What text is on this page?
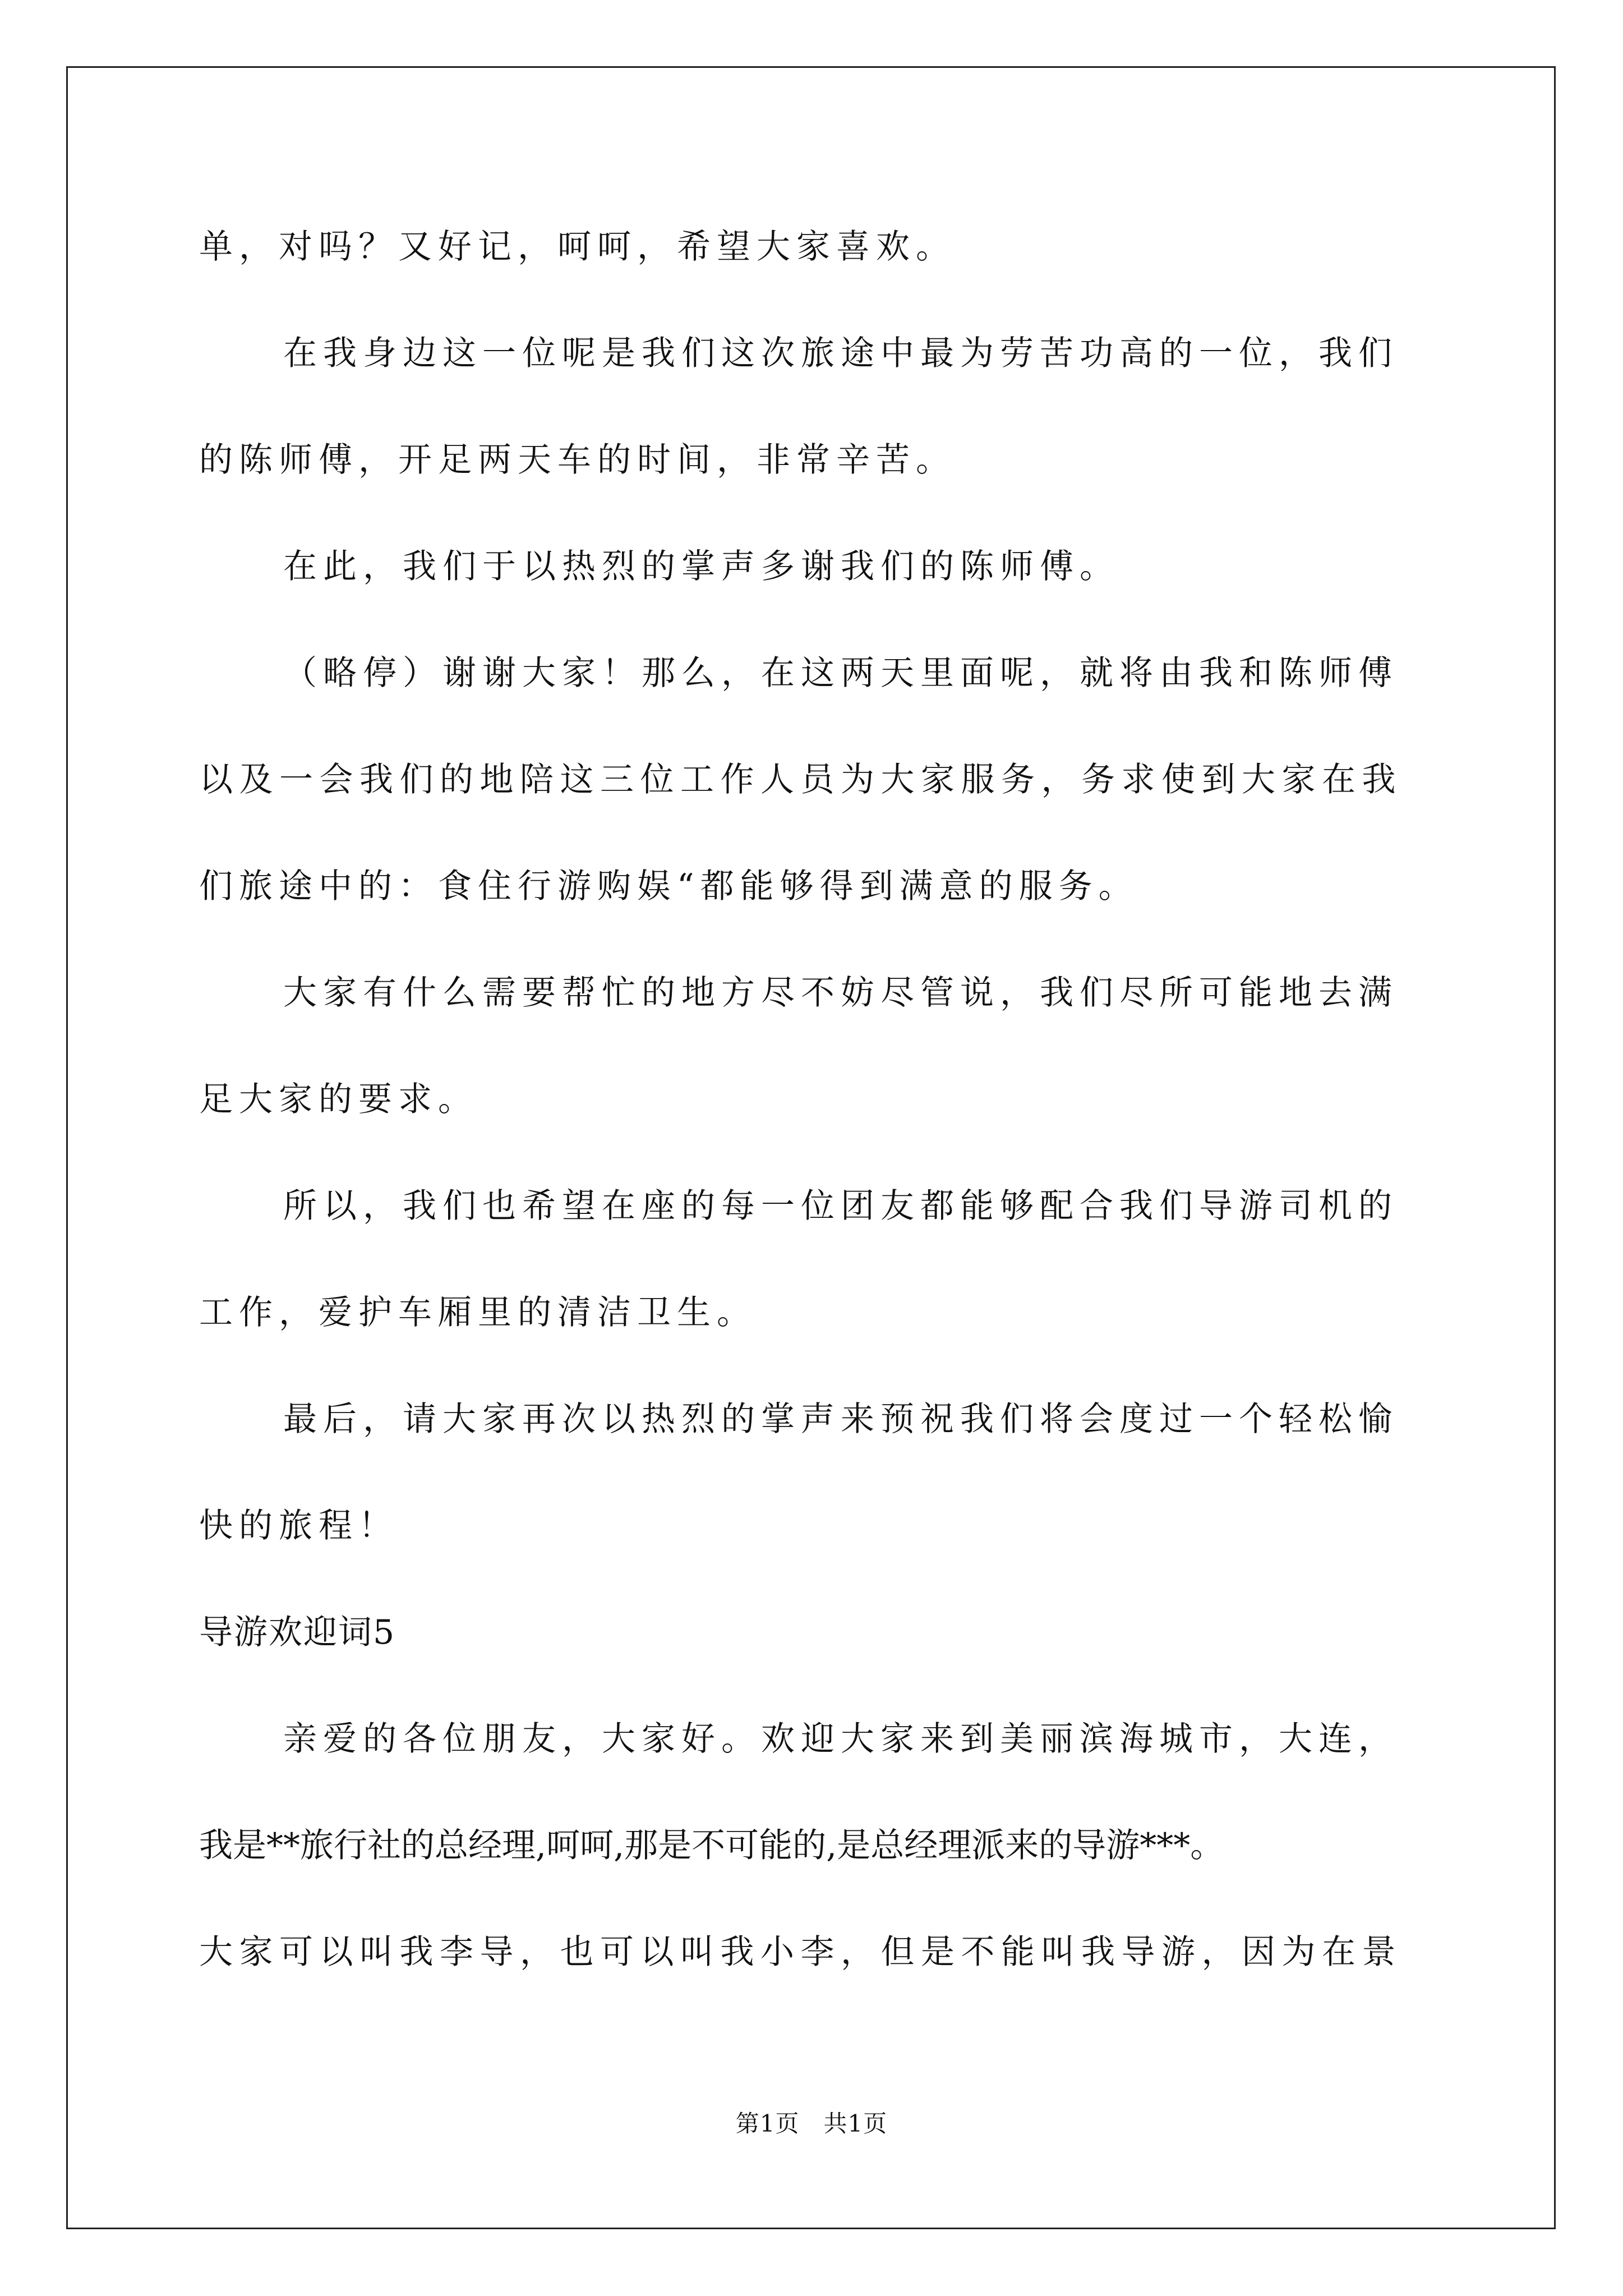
单，对吗？又好记，呵呵，希望大家喜欢。
在我身边这一位呢是我们这次旅途中最为劳苦功高的一位，我们
的陈师傅，开足两天车的时间，非常辛苦。
在此，我们于以热烈的掌声多谢我们的陈师傅。
（略停）谢谢大家！那么，在这两天里面呢，就将由我和陈师傅
以及一会我们的地陪这三位工作人员为大家服务，务求使到大家在我
们旅途中的：食住行游购娱“都能够得到满意的服务。
大家有什么需要帮忙的地方尽不妨尽管说，我们尽所可能地去满
足大家的要求。
所以，我们也希望在座的每一位团友都能够配合我们导游司机的
工作，爱护车厢里的清洁卫生。
最后，请大家再次以热烈的掌声来预祝我们将会度过一个轻松愉
快的旅程！
导游欢迎词5
亲爱的各位朋友，大家好。欢迎大家来到美丽滨海城市，大连，
我是**旅行社的总经理,呵呵,那是不可能的,是总经理派来的导游***。
大家可以叫我李导，也可以叫我小李，但是不能叫我导游，因为在景
第1页   共1页
